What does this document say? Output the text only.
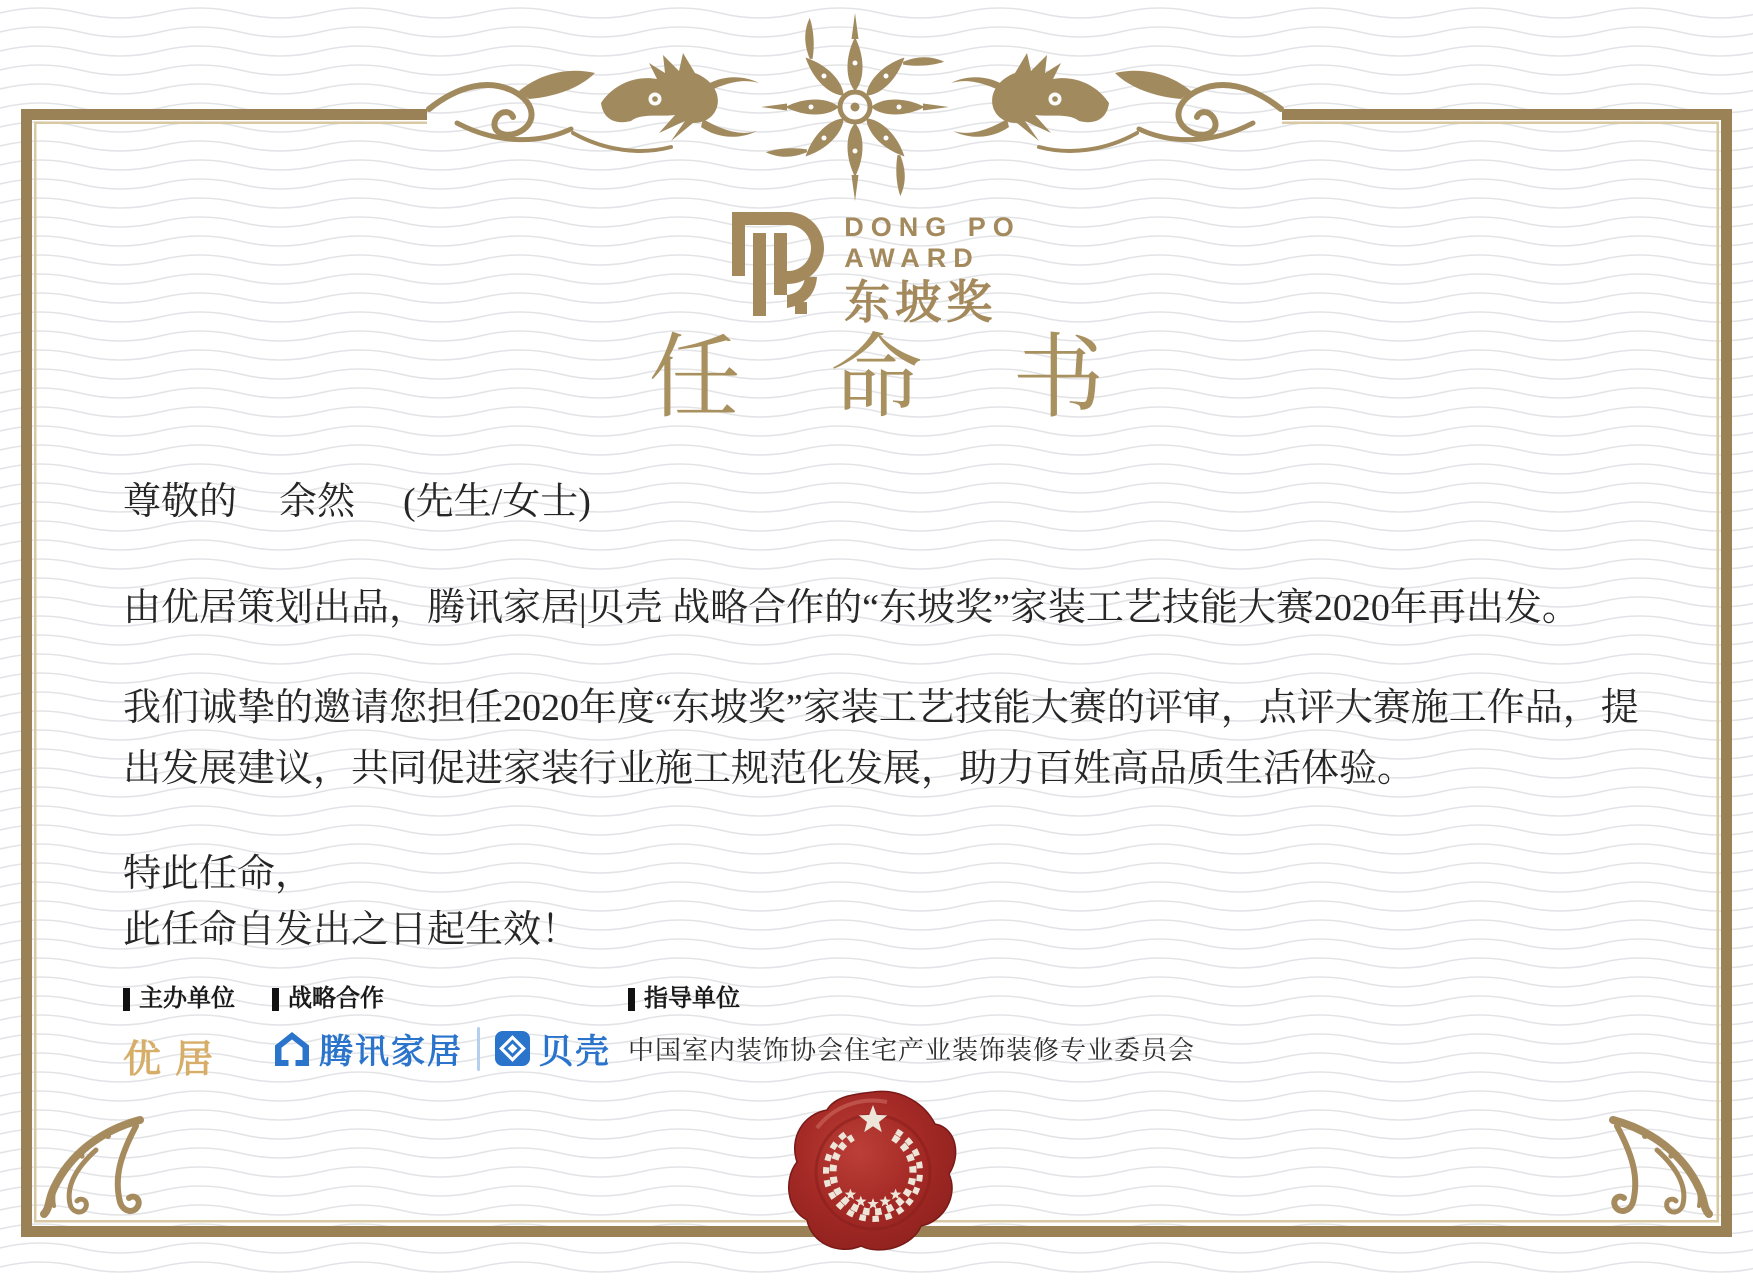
DONG PO
AWARD
东坡奖
任 命 书
尊敬的 余然 (先生/女士)
由优居策划出品，腾讯家居|贝壳 战略合作的“东坡奖”家装工艺技能大赛2020年再出发。
我们诚挚的邀请您担任2020年度“东坡奖”家装工艺技能大赛的评审，点评大赛施工作品，提出发展建议，共同促进家装行业施工规范化发展，助力百姓高品质生活体验。
特此任命，
此任命自发出之日起生效！
主办单位
优居
战略合作
腾讯家居 贝壳
指导单位
中国室内装饰协会住宅产业装饰装修专业委员会
